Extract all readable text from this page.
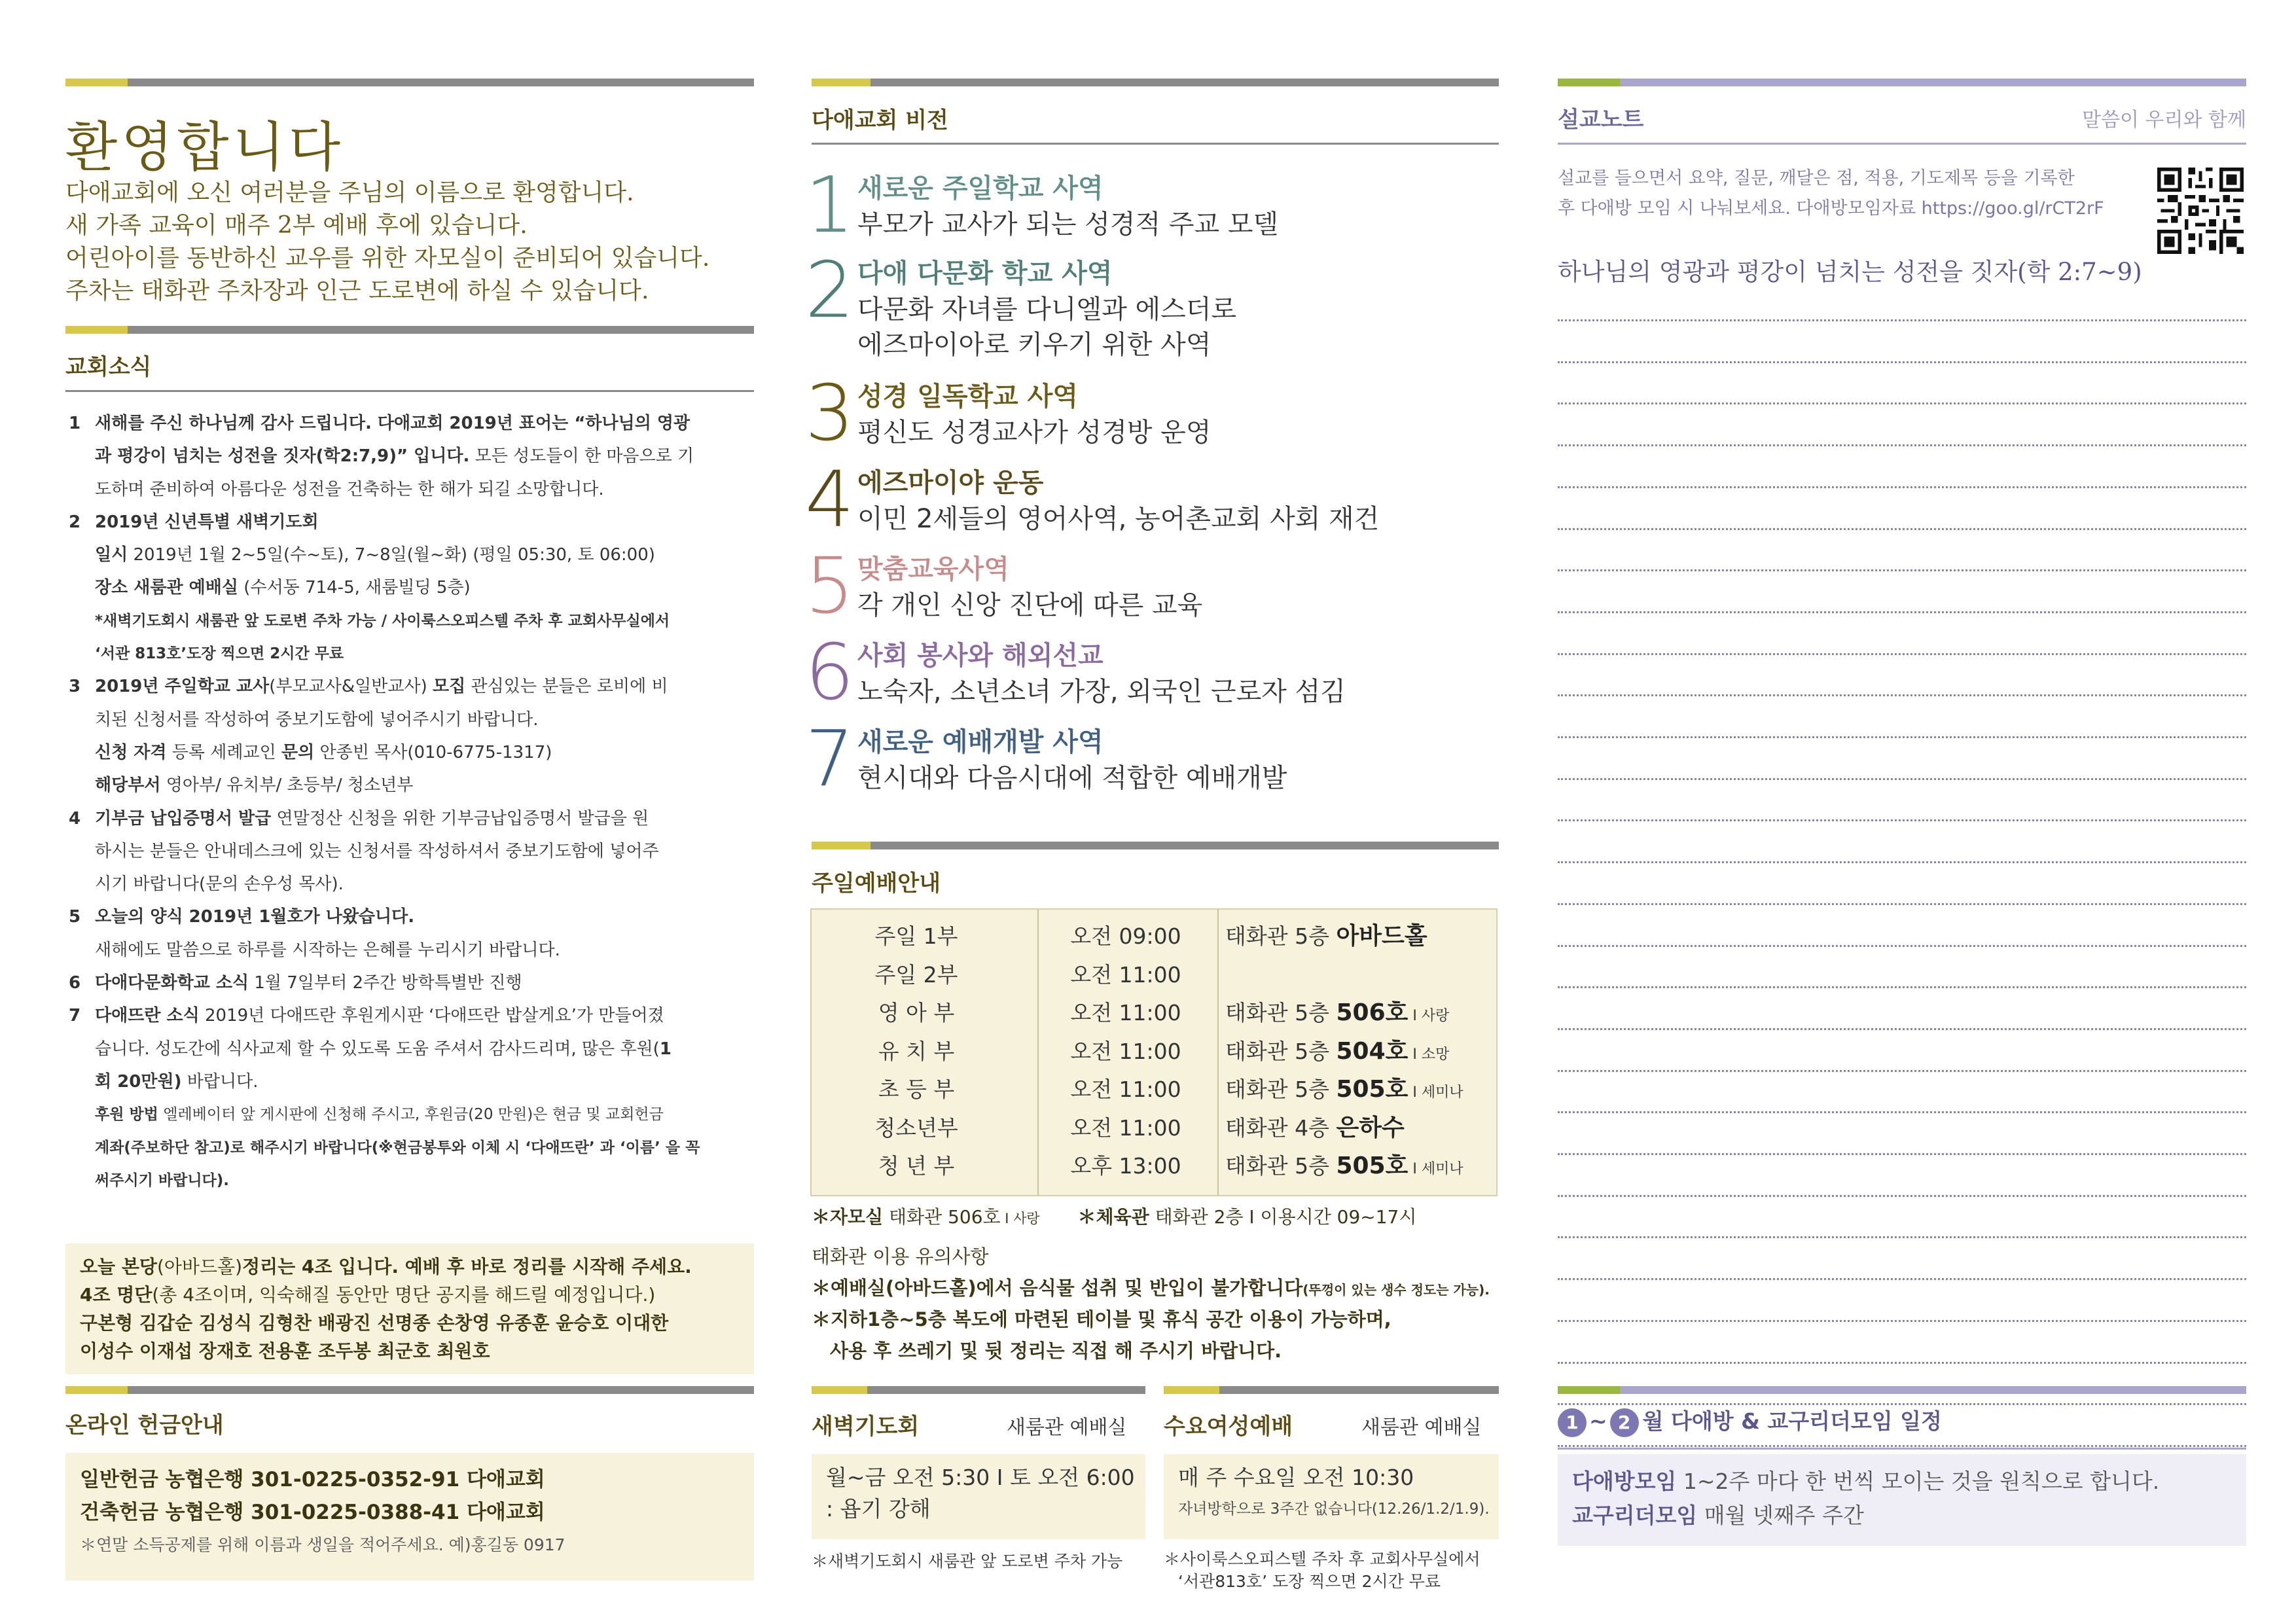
환영합니다
다애교회에 오신 여러분을 주님의 이름으로 환영합니다.
새 가족 교육이 매주 2부 예배 후에 있습니다.
어린아이를 동반하신 교우를 위한 자모실이 준비되어 있습니다.
주차는 태화관 주차장과 인근 도로변에 하실 수 있습니다.
교회소식
1 새해를 주신 하나님께 감사 드립니다. 다애교회 2019년 표어는 “하나님의 영광
과 평강이 넘치는 성전을 짓자(학2:7,9)” 입니다. 모든 성도들이 한 마음으로 기
도하며 준비하여 아름다운 성전을 건축하는 한 해가 되길 소망합니다.
2 2019년 신년특별 새벽기도회
일시 2019년 1월 2~5일(수~토), 7~8일(월~화) (평일 05:30, 토 06:00)
장소 새룸관 예배실 (수서동 714-5, 새룸빌딩 5층)
*새벽기도회시 새룸관 앞 도로변 주차 가능 / 사이룩스오피스텔 주차 후 교회사무실에서
‘서관 813호’도장 찍으면 2시간 무료
3 2019년 주일학교 교사(부모교사&일반교사) 모집 관심있는 분들은 로비에 비
치된 신청서를 작성하여 중보기도함에 넣어주시기 바랍니다.
신청 자격 등록 세례교인 문의 안종빈 목사(010-6775-1317)
해당부서 영아부/ 유치부/ 초등부/ 청소년부
4 기부금 납입증명서 발급 연말정산 신청을 위한 기부금납입증명서 발급을 원
하시는 분들은 안내데스크에 있는 신청서를 작성하셔서 중보기도함에 넣어주
시기 바랍니다(문의 손우성 목사).
5 오늘의 양식 2019년 1월호가 나왔습니다.
새해에도 말씀으로 하루를 시작하는 은혜를 누리시기 바랍니다.
6 다애다문화학교 소식 1월 7일부터 2주간 방학특별반 진행
7 다애뜨란 소식 2019년 다애뜨란 후원게시판 ‘다애뜨란 밥살게요’가 만들어졌
습니다. 성도간에 식사교제 할 수 있도록 도움 주셔서 감사드리며, 많은 후원(1
회 20만원) 바랍니다.
후원 방법 엘레베이터 앞 게시판에 신청해 주시고, 후원금(20 만원)은 현금 및 교회헌금
계좌(주보하단 참고)로 해주시기 바랍니다(※현금봉투와 이체 시 ‘다애뜨란’ 과 ‘이름’ 을 꼭
써주시기 바랍니다).
오늘 본당(아바드홀)정리는 4조 입니다. 예배 후 바로 정리를 시작해 주세요.
4조 명단(총 4조이며, 익숙해질 동안만 명단 공지를 해드릴 예정입니다.)
구본형 김갑순 김성식 김형찬 배광진 선명종 손창영 유종훈 윤승호 이대한
이성수 이재섭 장재호 전용훈 조두봉 최군호 최원호
온라인 헌금안내
일반헌금 농협은행 301-0225-0352-91 다애교회
건축헌금 농협은행 301-0225-0388-41 다애교회
＊연말 소득공제를 위해 이름과 생일을 적어주세요. 예)홍길동 0917
다애교회 비전
1 새로운 주일학교 사역
부모가 교사가 되는 성경적 주교 모델
2 다애 다문화 학교 사역
다문화 자녀를 다니엘과 에스더로
에즈마이아로 키우기 위한 사역
3 성경 일독학교 사역
평신도 성경교사가 성경방 운영
4 에즈마이야 운동
이민 2세들의 영어사역, 농어촌교회 사회 재건
5 맞춤교육사역
각 개인 신앙 진단에 따른 교육
6 사회 봉사와 해외선교
노숙자, 소년소녀 가장, 외국인 근로자 섬김
7 새로운 예배개발 사역
현시대와 다음시대에 적합한 예배개발
주일예배안내
주일 1부	오전 09:00	태화관 5층 아바드홀
주일 2부	오전 11:00
영 아 부	오전 11:00	태화관 5층 506호 I 사랑
유 치 부	오전 11:00	태화관 5층 504호 I 소망
초 등 부	오전 11:00	태화관 5층 505호 I 세미나
청소년부	오전 11:00	태화관 4층 은하수
청 년 부	오후 13:00	태화관 5층 505호 I 세미나
＊자모실 태화관 506호 I 사랑 ＊체육관 태화관 2층 I 이용시간 09~17시
태화관 이용 유의사항
＊예배실(아바드홀)에서 음식물 섭취 및 반입이 불가합니다(뚜껑이 있는 생수 정도는 가능).
＊지하1층~5층 복도에 마련된 테이블 및 휴식 공간 이용이 가능하며,
사용 후 쓰레기 및 뒷 정리는 직접 해 주시기 바랍니다.
새벽기도회	새룸관 예배실
월~금 오전 5:30 I 토 오전 6:00
: 욥기 강해
＊새벽기도회시 새룸관 앞 도로변 주차 가능
수요여성예배	새룸관 예배실
매 주 수요일 오전 10:30
자녀방학으로 3주간 없습니다(12.26/1.2/1.9).
＊사이룩스오피스텔 주차 후 교회사무실에서
‘서관813호’ 도장 찍으면 2시간 무료
설교노트	말씀이 우리와 함께
설교를 들으면서 요약, 질문, 깨달은 점, 적용, 기도제목 등을 기록한
후 다애방 모임 시 나눠보세요. 다애방모임자료 https://goo.gl/rCT2rF
하나님의 영광과 평강이 넘치는 성전을 짓자(학 2:7~9)
1 ~ 2 월 다애방 & 교구리더모임 일정
다애방모임 1~2주 마다 한 번씩 모이는 것을 원칙으로 합니다.
교구리더모임 매월 넷째주 주간
